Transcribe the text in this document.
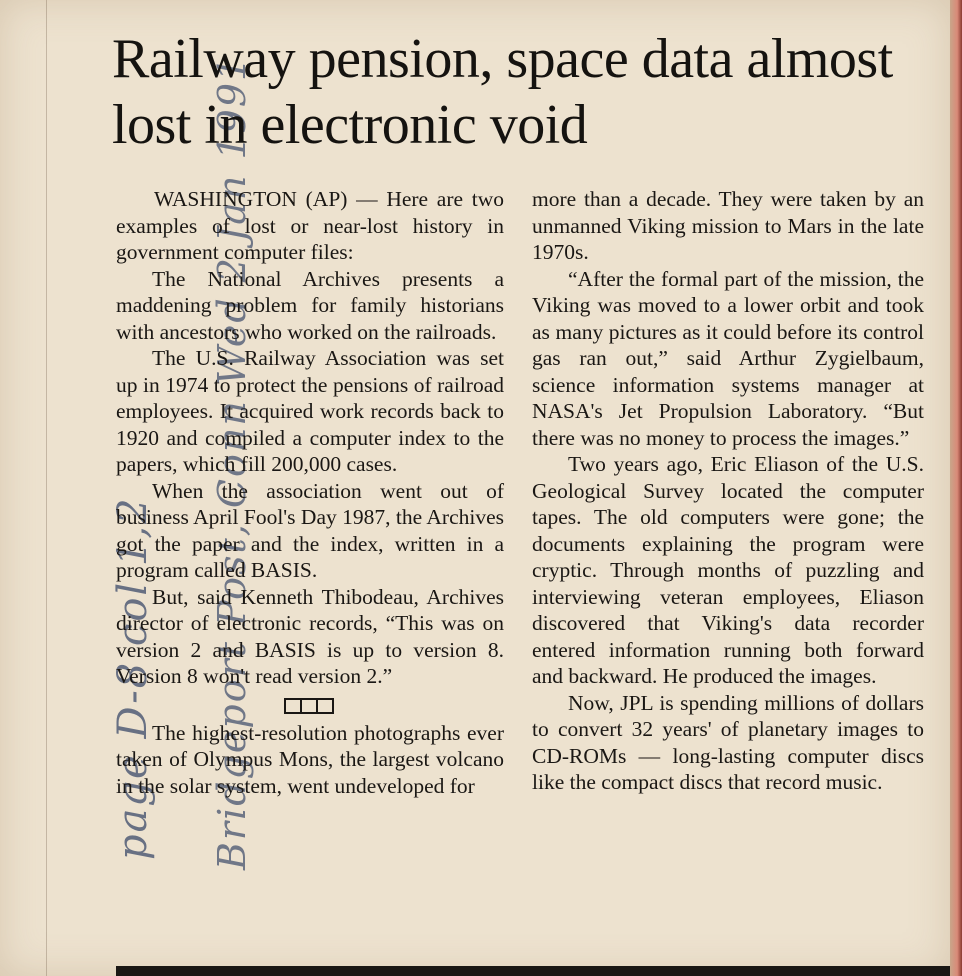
Bridgeport Post, Conn Wed 2 Jan 1991
page D-8 col 1,2
Railway pension, space data almost lost in electronic void

WASHINGTON (AP) — Here are two examples of lost or near-lost history in government computer files:

The National Archives presents a maddening problem for family historians with ancestors who worked on the railroads.

The U.S. Railway Association was set up in 1974 to protect the pensions of railroad employees. It acquired work records back to 1920 and compiled a computer index to the papers, which fill 200,000 cases.

When the association went out of business April Fool's Day 1987, the Archives got the paper and the index, written in a program called BASIS.

But, said Kenneth Thibodeau, Archives director of electronic records, “This was on version 2 and BASIS is up to version 8. Version 8 won't read version 2.”

The highest-resolution photographs ever taken of Olympus Mons, the largest volcano in the solar system, went undeveloped for

more than a decade. They were taken by an unmanned Viking mission to Mars in the late 1970s.

“After the formal part of the mission, the Viking was moved to a lower orbit and took as many pictures as it could before its control gas ran out,” said Arthur Zygielbaum, science information systems manager at NASA's Jet Propulsion Laboratory. “But there was no money to process the images.”

Two years ago, Eric Eliason of the U.S. Geological Survey located the computer tapes. The old computers were gone; the documents explaining the program were cryptic. Through months of puzzling and interviewing veteran employees, Eliason discovered that Viking's data recorder entered information running both forward and backward. He produced the images.

Now, JPL is spending millions of dollars to convert 32 years' of planetary images to CD-ROMs — long-lasting computer discs like the compact discs that record music.
